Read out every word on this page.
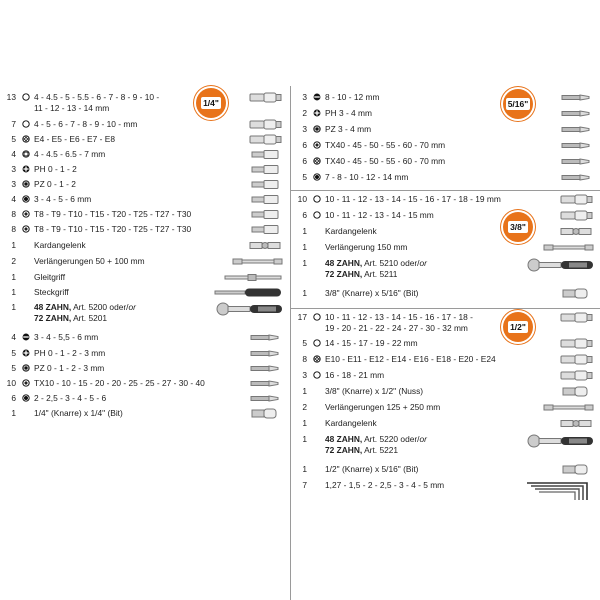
13 4 - 4.5 - 5 - 5.5 - 6 - 7 - 8 - 9 - 10 -
11 - 12 - 13 - 14 mm
7 4 - 5 - 6 - 7 - 8 - 9 - 10 - mm
5 E4 - E5 - E6 - E7 - E8
4 4 - 4.5 - 6.5 - 7 mm
3 PH 0 - 1 - 2
3 PZ 0 - 1 - 2
4 3 - 4 - 5 - 6 mm
8 T8 - T9 - T10 - T15 - T20 - T25 - T27 - T30
8 T8 - T9 - T10 - T15 - T20 - T25 - T27 - T30
1 Kardangelenk
2 Verlängerungen 50 + 100 mm
1 Gleitgriff
1 Steckgriff
1 48 ZAHN, Art. 5200 oder/or
72 ZAHN, Art. 5201
4 3 - 4 - 5,5 - 6 mm
5 PH 0 - 1 - 2 - 3 mm
5 PZ 0 - 1 - 2 - 3 mm
10 TX10 - 10 - 15 - 20 - 20 - 25 - 25 - 27 - 30 - 40
6 2 - 2,5 - 3 - 4 - 5 - 6
1 1/4" (Knarre) x 1/4" (Bit)
3 8 - 10 - 12 mm
2 PH 3 - 4 mm
3 PZ 3 - 4 mm
6 TX40 - 45 - 50 - 55 - 60 - 70 mm
6 TX40 - 45 - 50 - 55 - 60 - 70 mm
5 7 - 8 - 10 - 12 - 14 mm
10 10 - 11 - 12 - 13 - 14 - 15 - 16 - 17 - 18 - 19 mm
6 10 - 11 - 12 - 13 - 14 - 15 mm
1 Kardangelenk
1 Verlängerung 150 mm
1 48 ZAHN, Art. 5210 oder/or
72 ZAHN, Art. 5211
1 3/8" (Knarre) x 5/16" (Bit)
17 10 - 11 - 12 - 13 - 14 - 15 - 16 - 17 - 18 -
19 - 20 - 21 - 22 - 24 - 27 - 30 - 32 mm
5 14 - 15 - 17 - 19 - 22 mm
8 E10 - E11 - E12 - E14 - E16 - E18 - E20 - E24
3 16 - 18 - 21 mm
1 3/8" (Knarre) x 1/2" (Nuss)
2 Verlängerungen 125 + 250 mm
1 Kardangelenk
1 48 ZAHN, Art. 5220 oder/or
72 ZAHN, Art. 5221
1 1/2" (Knarre) x 5/16" (Bit)
7 1,27 - 1,5 - 2 - 2,5 - 3 - 4 - 5 mm
1/4"	5/16"
3/8"
1/2"
